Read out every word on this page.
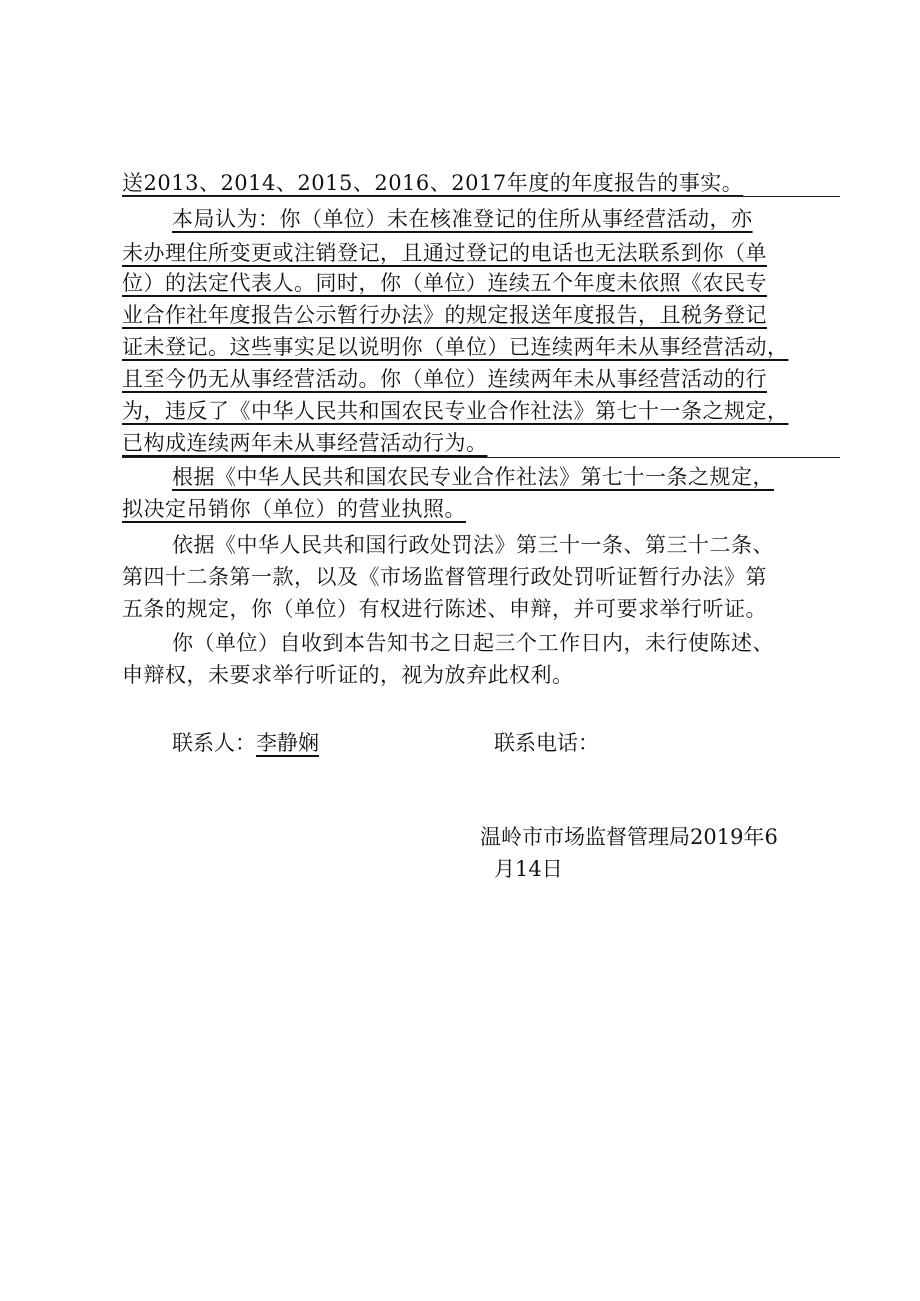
送2013、2014、2015、2016、2017年度的年度报告的事实。
本局认为：你（单位）未在核准登记的住所从事经营活动，亦
未办理住所变更或注销登记，且通过登记的电话也无法联系到你（单
位）的法定代表人。同时，你（单位）连续五个年度未依照《农民专
业合作社年度报告公示暂行办法》的规定报送年度报告，且税务登记
证未登记。这些事实足以说明你（单位）已连续两年未从事经营活动，
且至今仍无从事经营活动。你（单位）连续两年未从事经营活动的行
为，违反了《中华人民共和国农民专业合作社法》第七十一条之规定，
已构成连续两年未从事经营活动行为。
根据《中华人民共和国农民专业合作社法》第七十一条之规定，
拟决定吊销你（单位）的营业执照。
依据《中华人民共和国行政处罚法》第三十一条、第三十二条、
第四十二条第一款，以及《市场监督管理行政处罚听证暂行办法》第
五条的规定，你（单位）有权进行陈述、申辩，并可要求举行听证。
你（单位）自收到本告知书之日起三个工作日内，未行使陈述、
申辩权，未要求举行听证的，视为放弃此权利。
联系人：李静娴	联系电话：
温岭市市场监督管理局2019年6
月14日
